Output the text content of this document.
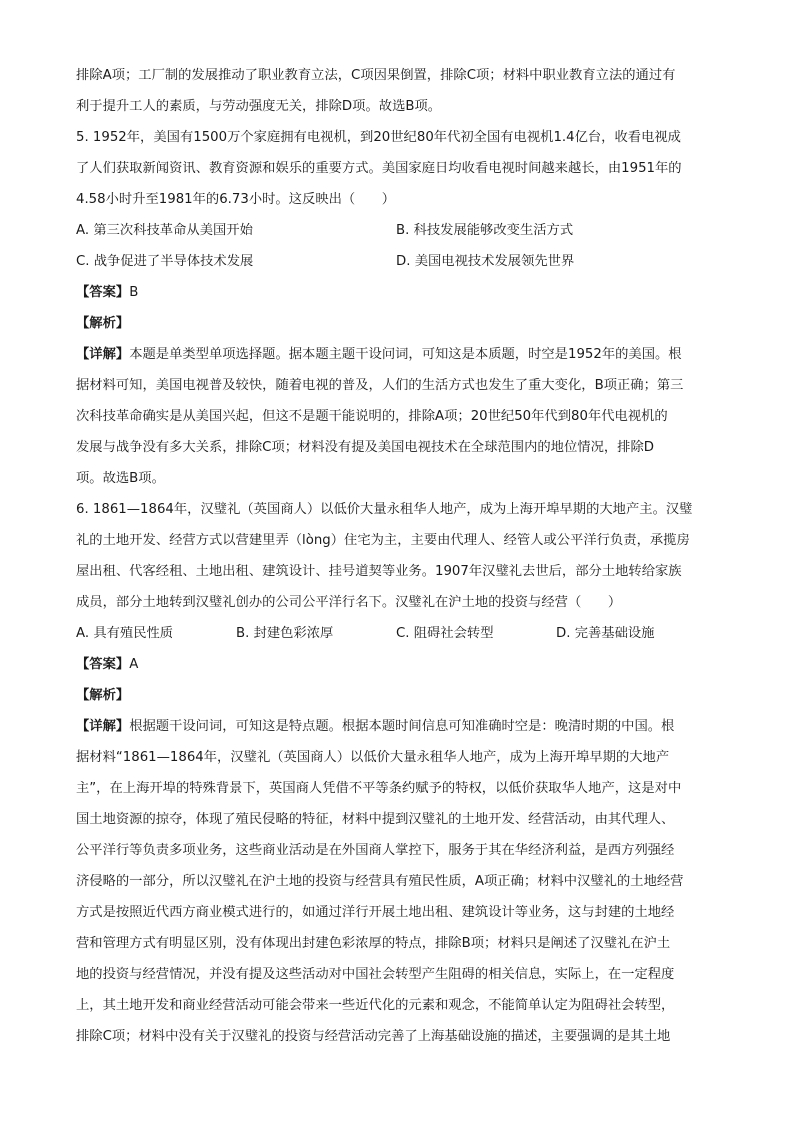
排除A项；工厂制的发展推动了职业教育立法，C项因果倒置，排除C项；材料中职业教育立法的通过有

利于提升工人的素质，与劳动强度无关，排除D项。故选B项。

5. 1952年，美国有1500万个家庭拥有电视机，到20世纪80年代初全国有电视机1.4亿台，收看电视成

了人们获取新闻资讯、教育资源和娱乐的重要方式。美国家庭日均收看电视时间越来越长，由1951年的

4.58小时升至1981年的6.73小时。这反映出（　　）

A. 第三次科技革命从美国开始	B. 科技发展能够改变生活方式
C. 战争促进了半导体技术发展	D. 美国电视技术发展领先世界

【答案】B

【解析】

【详解】本题是单类型单项选择题。据本题主题干设问词，可知这是本质题，时空是1952年的美国。根

据材料可知，美国电视普及较快，随着电视的普及，人们的生活方式也发生了重大变化，B项正确；第三

次科技革命确实是从美国兴起，但这不是题干能说明的，排除A项；20世纪50年代到80年代电视机的

发展与战争没有多大关系，排除C项；材料没有提及美国电视技术在全球范围内的地位情况，排除D

项。故选B项。

6. 1861—1864年，汉璧礼（英国商人）以低价大量永租华人地产，成为上海开埠早期的大地产主。汉璧

礼的土地开发、经营方式以营建里弄（lòng）住宅为主，主要由代理人、经管人或公平洋行负责，承揽房

屋出租、代客经租、土地出租、建筑设计、挂号道契等业务。1907年汉璧礼去世后，部分土地转给家族

成员，部分土地转到汉璧礼创办的公司公平洋行名下。汉璧礼在沪土地的投资与经营（　　）

A. 具有殖民性质	B. 封建色彩浓厚	C. 阻碍社会转型	D. 完善基础设施

【答案】A

【解析】

【详解】根据题干设问词，可知这是特点题。根据本题时间信息可知准确时空是：晚清时期的中国。根

据材料“1861—1864年，汉璧礼（英国商人）以低价大量永租华人地产，成为上海开埠早期的大地产

主”，在上海开埠的特殊背景下，英国商人凭借不平等条约赋予的特权，以低价获取华人地产，这是对中

国土地资源的掠夺，体现了殖民侵略的特征，材料中提到汉璧礼的土地开发、经营活动，由其代理人、

公平洋行等负责多项业务，这些商业活动是在外国商人掌控下，服务于其在华经济利益，是西方列强经

济侵略的一部分，所以汉璧礼在沪土地的投资与经营具有殖民性质，A项正确；材料中汉璧礼的土地经营

方式是按照近代西方商业模式进行的，如通过洋行开展土地出租、建筑设计等业务，这与封建的土地经

营和管理方式有明显区别，没有体现出封建色彩浓厚的特点，排除B项；材料只是阐述了汉璧礼在沪土

地的投资与经营情况，并没有提及这些活动对中国社会转型产生阻碍的相关信息，实际上，在一定程度

上，其土地开发和商业经营活动可能会带来一些近代化的元素和观念，不能简单认定为阻碍社会转型，

排除C项；材料中没有关于汉璧礼的投资与经营活动完善了上海基础设施的描述，主要强调的是其土地
